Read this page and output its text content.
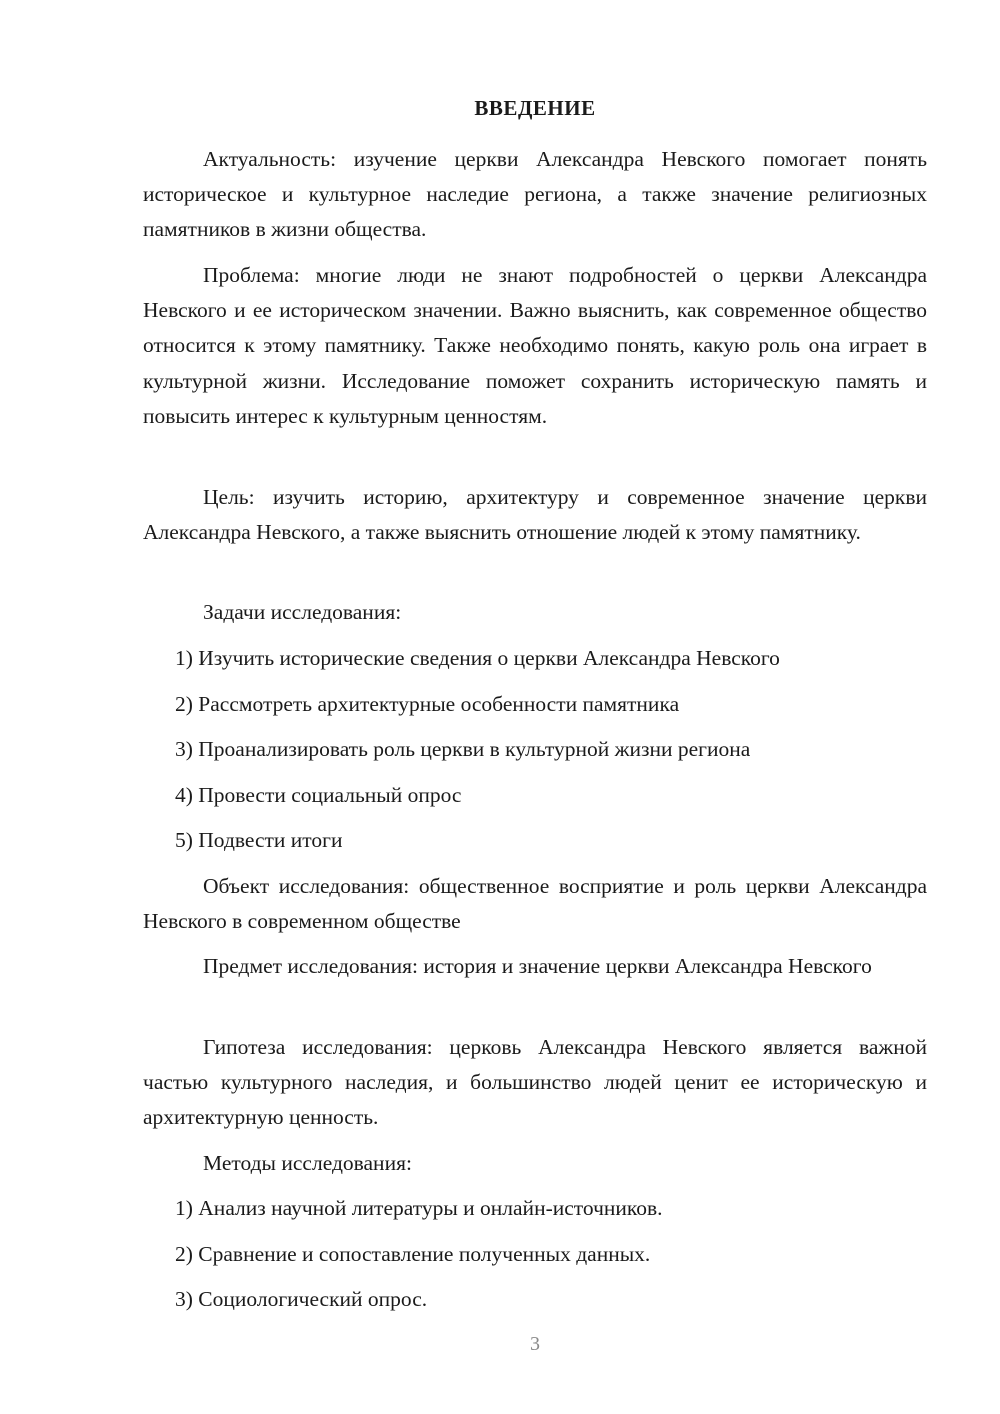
ВВЕДЕНИЕ

Актуальность: изучение церкви Александра Невского помогает понять историческое и культурное наследие региона, а также значение религиозных памятников в жизни общества.

Проблема: многие люди не знают подробностей о церкви Александра Невского и ее историческом значении. Важно выяснить, как современное общество относится к этому памятнику. Также необходимо понять, какую роль она играет в культурной жизни. Исследование поможет сохранить историческую память и повысить интерес к культурным ценностям.

Цель: изучить историю, архитектуру и современное значение церкви Александра Невского, а также выяснить отношение людей к этому памятнику.

Задачи исследования:

1) Изучить исторические сведения о церкви Александра Невского

2) Рассмотреть архитектурные особенности памятника

3) Проанализировать роль церкви в культурной жизни региона

4) Провести социальный опрос

5) Подвести итоги

Объект исследования: общественное восприятие и роль церкви Александра Невского в современном обществе

Предмет исследования: история и значение церкви Александра Невского

Гипотеза исследования: церковь Александра Невского является важной частью культурного наследия, и большинство людей ценит ее историческую и архитектурную ценность.

Методы исследования:

1) Анализ научной литературы и онлайн-источников.

2) Сравнение и сопоставление полученных данных.

3) Социологический опрос.

3
